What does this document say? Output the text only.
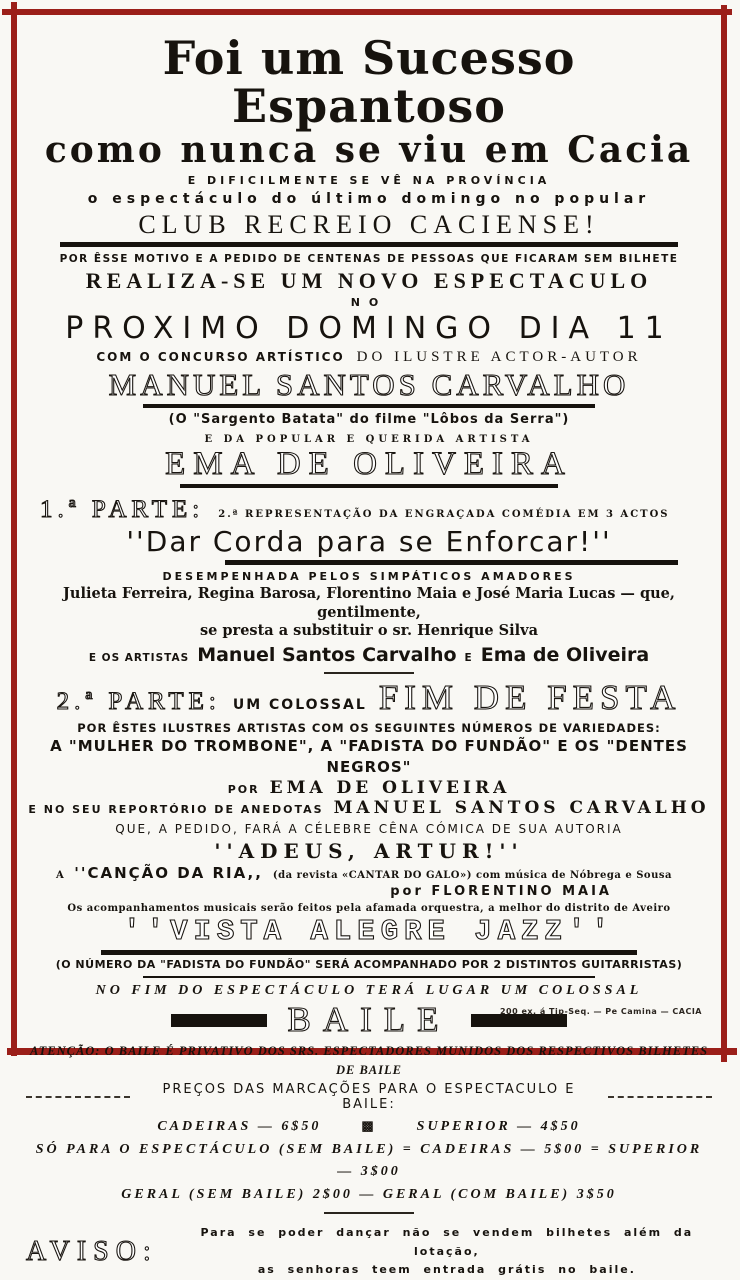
Foi um Sucesso Espantoso
como nunca se viu em Cacia
E DIFICILMENTE SE VÊ NA PROVÍNCIA
o espectáculo do último domingo no popular
CLUB RECREIO CACIENSE!
POR ÊSSE MOTIVO E A PEDIDO DE CENTENAS DE PESSOAS QUE FICARAM SEM BILHETE
REALIZA-SE UM NOVO ESPECTACULO
NO
PROXIMO DOMINGO DIA 11
COM O CONCURSO ARTÍSTICO DO ILUSTRE ACTOR-AUTOR
MANUEL SANTOS CARVALHO
(O "Sargento Batata" do filme "Lôbos da Serra")
E DA POPULAR E QUERIDA ARTISTA
EMA DE OLIVEIRA
1.ª PARTE: 2.ª REPRESENTAÇÃO DA ENGRAÇADA COMÉDIA EM 3 ACTOS
''Dar Corda para se Enforcar!''
DESEMPENHADA PELOS SIMPÁTICOS AMADORES
Julieta Ferreira, Regina Barosa, Florentino Maia e José Maria Lucas — que, gentilmente,
se presta a substituir o sr. Henrique Silva
E OS ARTISTAS Manuel Santos Carvalho E Ema de Oliveira
2.ª PARTE: UM COLOSSAL FIM DE FESTA
POR ÊSTES ILUSTRES ARTISTAS COM OS SEGUINTES NÚMEROS DE VARIEDADES:
A "MULHER DO TROMBONE", A "FADISTA DO FUNDÃO" E OS "DENTES NEGROS"
POR EMA DE OLIVEIRA
E NO SEU REPORTÓRIO DE ANEDOTAS MANUEL SANTOS CARVALHO
QUE, A PEDIDO, FARÁ A CÉLEBRE CÊNA CÓMICA DE SUA AUTORIA
''ADEUS, ARTUR!''
A ''CANÇÃO DA RIA,, (da revista «CANTAR DO GALO») com música de Nóbrega e Sousa
por FLORENTINO MAIA
Os acompanhamentos musicais serão feitos pela afamada orquestra, a melhor do distrito de Aveiro
''VISTA ALEGRE JAZZ''
(O NÚMERO DA "FADISTA DO FUNDÃO" SERÁ ACOMPANHADO POR 2 DISTINTOS GUITARRISTAS)
NO FIM DO ESPECTÁCULO TERÁ LUGAR UM COLOSSAL
BAILE
ATENÇÃO: O BAILE É PRIVATIVO DOS SRS. ESPECTADORES MUNIDOS DOS RESPECTIVOS BILHETES DE BAILE
PREÇOS DAS MARCAÇÕES PARA O ESPECTACULO E BAILE:
CADEIRAS — 6$50	▩	SUPERIOR — 4$50
SÓ PARA O ESPECTÁCULO (SEM BAILE) = CADEIRAS — 5$00 = SUPERIOR — 3$00
GERAL (SEM BAILE) 2$00 — GERAL (COM BAILE) 3$50
AVISO:
Para se poder dançar não se vendem bilhetes além da lotação,
as senhoras teem entrada grátis no baile.
200 ex. á Tip-Seq. — Pe Camina — CACIA
